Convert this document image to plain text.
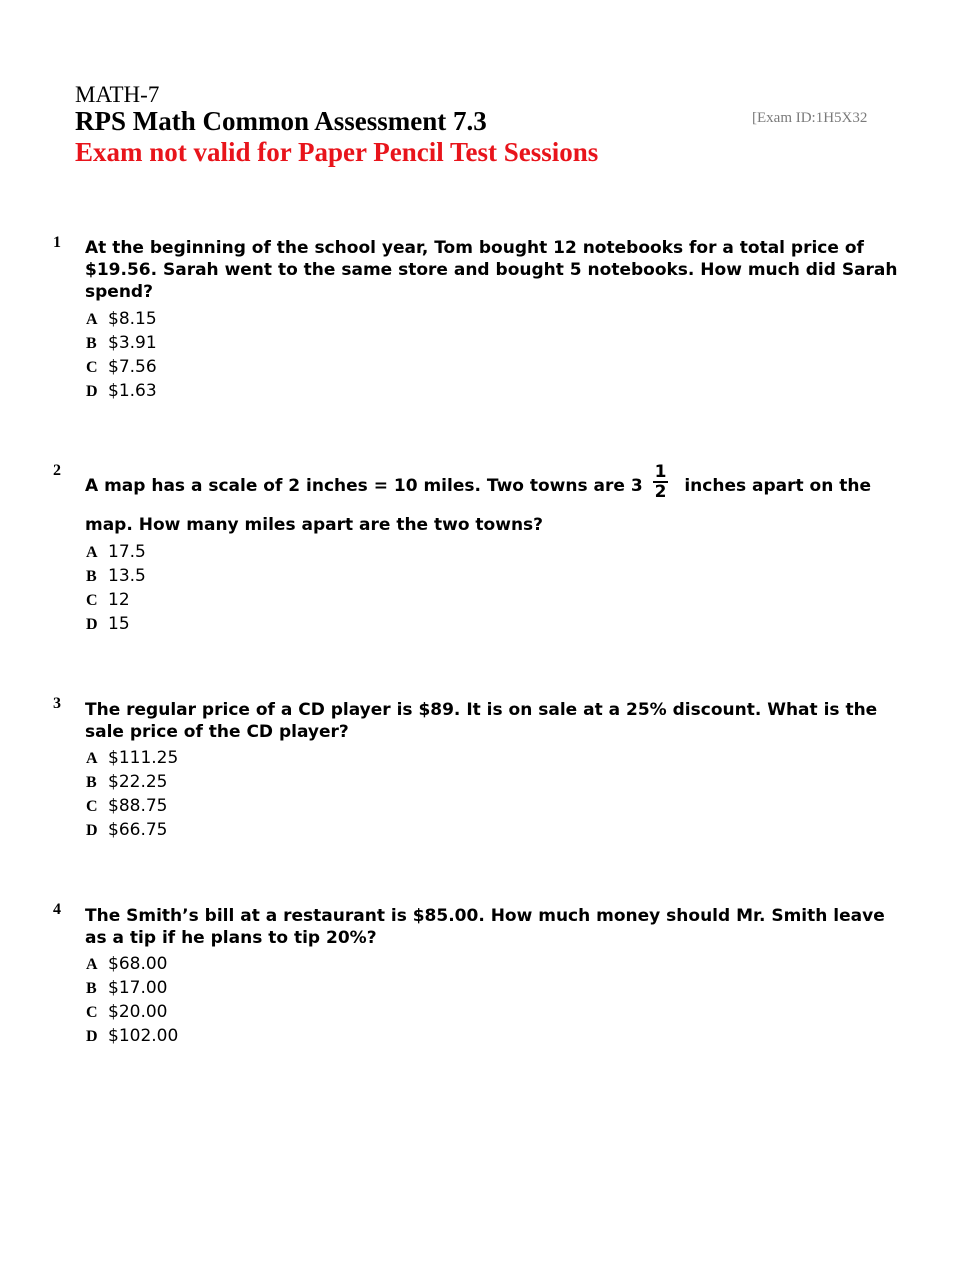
MATH-7
RPS Math Common Assessment 7.3
Exam not valid for Paper Pencil Test Sessions
[Exam ID:1H5X32
1 At the beginning of the school year, Tom bought 12 notebooks for a total price of $19.56. Sarah went to the same store and bought 5 notebooks. How much did Sarah spend?
A $8.15
B $3.91
C $7.56
D $1.63
2
A map has a scale of 2 inches = 10 miles. Two towns are $3 \frac{1}{2}$ inches apart on the
map. How many miles apart are the two towns?
A 17.5
B 13.5
C 12
D 15
3 The regular price of a CD player is $89. It is on sale at a 25% discount. What is the sale price of the CD player?
A $111.25
B $22.25
C $88.75
D $66.75
4 The Smith’s bill at a restaurant is $85.00. How much money should Mr. Smith leave as a tip if he plans to tip 20%?
A $68.00
B $17.00
C $20.00
D $102.00
